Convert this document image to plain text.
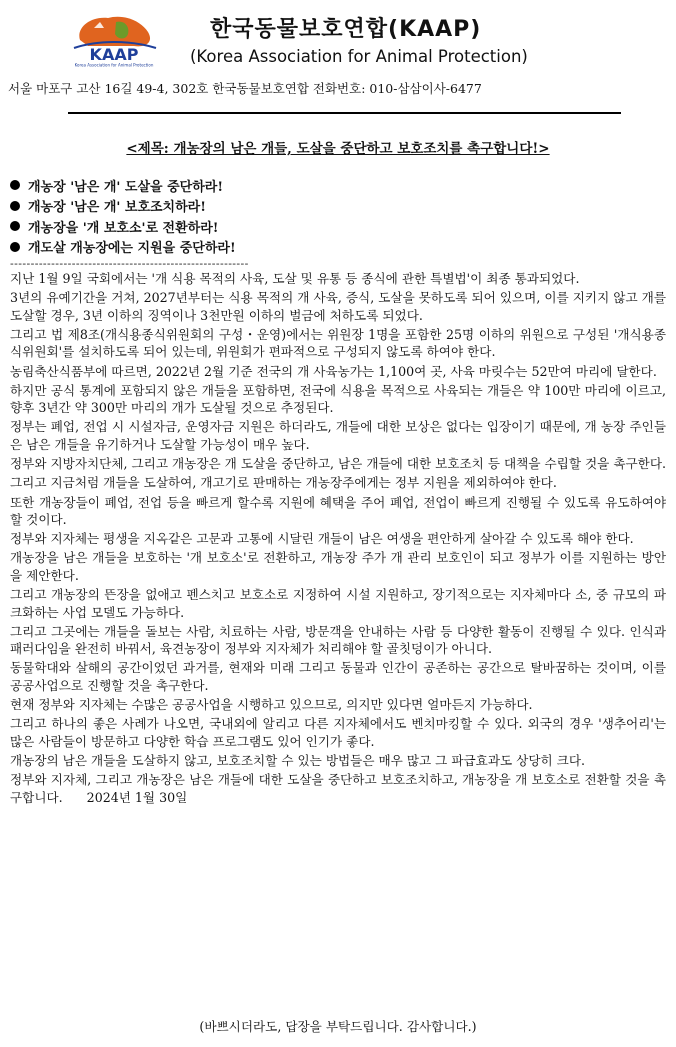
KAAP
Korea Association for Animal Protection
한국동물보호연합(KAAP)
(Korea Association for Animal Protection)
서울 마포구 고산 16길 49-4, 302호 한국동물보호연합 전화번호: 010-삼삼이사-6477
<제목: 개농장의 남은 개들, 도살을 중단하고 보호조치를 촉구합니다!>
개농장 '남은 개' 도살을 중단하라!
개농장 '남은 개' 보호조치하라!
개농장을 '개 보호소'로 전환하라!
개도살 개농장에는 지원을 중단하라!
----------------------------------------------------------

지난 1월 9일 국회에서는 '개 식용 목적의 사육, 도살 및 유통 등 종식에 관한 특별법'이 최종 통과되었다.

3년의 유예기간을 거쳐, 2027년부터는 식용 목적의 개 사육, 증식, 도살을 못하도록 되어 있으며, 이를 지키지 않고 개를 도살할 경우, 3년 이하의 징역이나 3천만원 이하의 벌금에 처하도록 되었다.

그리고 법 제8조(개식용종식위원회의 구성・운영)에서는 위원장 1명을 포함한 25명 이하의 위원으로 구성된 '개식용종식위원회'를 설치하도록 되어 있는데, 위원회가 편파적으로 구성되지 않도록 하여야 한다.

농림축산식품부에 따르면, 2022년 2월 기준 전국의 개 사육농가는 1,100여 곳, 사육 마릿수는 52만여 마리에 달한다.

하지만 공식 통계에 포함되지 않은 개들을 포함하면, 전국에 식용을 목적으로 사육되는 개들은 약 100만 마리에 이르고, 향후 3년간 약 300만 마리의 개가 도살될 것으로 추정된다.

정부는 폐업, 전업 시 시설자금, 운영자금 지원은 하더라도, 개들에 대한 보상은 없다는 입장이기 때문에, 개 농장 주인들은 남은 개들을 유기하거나 도살할 가능성이 매우 높다.

정부와 지방자치단체, 그리고 개농장은 개 도살을 중단하고, 남은 개들에 대한 보호조치 등 대책을 수립할 것을 촉구한다.

그리고 지금처럼 개들을 도살하여, 개고기로 판매하는 개농장주에게는 정부 지원을 제외하여야 한다.

또한 개농장들이 폐업, 전업 등을 빠르게 할수록 지원에 혜택을 주어 폐업, 전업이 빠르게 진행될 수 있도록 유도하여야 할 것이다.

정부와 지자체는 평생을 지옥같은 고문과 고통에 시달린 개들이 남은 여생을 편안하게 살아갈 수 있도록 해야 한다.

개농장을 남은 개들을 보호하는 '개 보호소'로 전환하고, 개농장 주가 개 관리 보호인이 되고 정부가 이를 지원하는 방안을 제안한다.

그리고 개농장의 뜬장을 없애고 펜스치고 보호소로 지정하여 시설 지원하고, 장기적으로는 지자체마다 소, 중 규모의 파크화하는 사업 모델도 가능하다.

그리고 그곳에는 개들을 돌보는 사람, 치료하는 사람, 방문객을 안내하는 사람 등 다양한 활동이 진행될 수 있다. 인식과 패러다임을 완전히 바꿔서, 육견농장이 정부와 지자체가 처리해야 할 골칫덩이가 아니다.

동물학대와 살해의 공간이었던 과거를, 현재와 미래 그리고 동물과 인간이 공존하는 공간으로 탈바꿈하는 것이며, 이를 공공사업으로 진행할 것을 촉구한다.

현재 정부와 지자체는 수많은 공공사업을 시행하고 있으므로, 의지만 있다면 얼마든지 가능하다.

그리고 하나의 좋은 사례가 나오면, 국내외에 알리고 다른 지자체에서도 벤치마킹할 수 있다. 외국의 경우 '생추어리'는 많은 사람들이 방문하고 다양한 학습 프로그램도 있어 인기가 좋다.

개농장의 남은 개들을 도살하지 않고, 보호조치할 수 있는 방법들은 매우 많고 그 파급효과도 상당히 크다.

정부와 지자체, 그리고 개농장은 남은 개들에 대한 도살을 중단하고 보호조치하고, 개농장을 개 보호소로 전환할 것을 촉구합니다.      2024년 1월 30일

(바쁘시더라도, 답장을 부탁드립니다. 감사합니다.)
